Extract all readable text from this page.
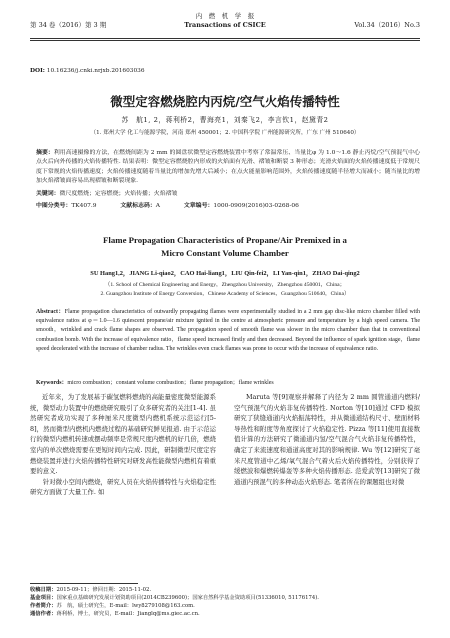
第 34 卷（2016）第 3 期
内　燃　机　学　报
Transactions of CSICE	Vol.34（2016）No.3
DOI: 10.16236/j.cnki.nrjxb.201603036
微型定容燃烧腔内丙烷/空气火焰传播特性
苏　航1, 2，蒋利桥2，曹海亮1，刘秦飞2，李言钦1，赵黛青2
（1. 郑州大学 化工与能源学院，河南 郑州 450001；2. 中国科学院 广州能源研究所，广东 广州 510640）
摘要：利用高速摄像的方法，在燃烧间距为 2 mm 的圆盘状微型定容燃烧装置中考察了常温常压、当量比φ 为 1.0～1.6 静止丙烷/空气预混气中心点火后向外传播的火焰传播特性. 结果表明：微型定容燃烧腔内形成的火焰面有光滑、褶皱和断裂 3 种形态；光滑火焰面的火焰传播速度低于常规尺度下常规的火焰传播速度；火焰传播速度随着当量比的增加先增大后减小；在点火能量影响范围外，火焰传播速度随半径增大而减小；随当量比的增加火焰褶皱面容易出现褶皱和断裂现象.
关键词：微尺度燃烧；定容燃烧；火焰传播；火焰褶皱
中图分类号：TK407.9	文献标志码：A	文章编号：1000-0909(2016)03-0268-06
Flame Propagation Characteristics of Propane/Air Premixed in a
Micro Constant Volume Chamber
SU Hang1,2，JIANG Li-qiao2，CAO Hai-liang1，LIU Qin-fei2，LI Yan-qin1，ZHAO Dai-qing2
（1. School of Chemical Engineering and Energy，Zhengzhou University，Zhengzhou 450001，China；
2. Guangzhou Institute of Energy Conversion，Chinese Academy of Sciences，Guangzhou 510640，China）
Abstract：Flame propagation characteristics of outwardly propagating flames were experimentally studied in a 2 mm gap disc-like micro chamber filled with equivalence ratios at φ＝1.0—1.6 quiescent propane/air mixture ignited in the centre at atmospheric pressure and temperature by a high speed camera. The smooth，wrinkled and crack flame shapes are observed. The propagation speed of smooth flame was slower in the micro chamber than that in conventional combustion bomb. With the increase of equivalence ratio，flame speed increased firstly and then decreased. Beyond the influence of spark ignition stage，flame speed decelerated with the increase of chamber radius. The wrinkles even crack flames was prone to occur with the increase of equivalence ratio.
Keywords：micro combustion；constant volume combustion；flame propagation；flame wrinkles

近年来，为了发展基于碳氢燃料燃烧的高能量密度微型能源系统，微型动力装置中的燃烧研究吸引了众多研究者的关注[1-4]. 虽然研究者成功实现了多种厘米尺度微型内燃机系统示范运行[5-8]，然而微型内燃机内燃烧过程的基础研究鲜见报道. 由于示范运行的微型内燃机转速或摆动频率是常规尺度内燃机的好几倍，燃烧室内的单次燃烧需要在更短时间内完成. 因此，研制微型尺度定容燃烧装置并进行火焰传播特性研究对研发高性能微型内燃机有着重要的意义.
　　针对微小空间内燃烧，研究人员在火焰传播特性与火焰稳定性研究方面做了大量工作. 如

Maruta 等[9]观察并解释了内径为 2 mm 圆管通道内燃料/空气预混气的火焰非复传播特性. Norton 等[10]通过 CFD 模拟研究了狭缝通道内火焰振荡特性，并从微通道结构尺寸、壁面材料导热性和附度等角度探讨了火焰稳定性. Pizza 等[11]使用直接数值计算的方法研究了微通道内氢/空气混合气火焰非复传播特性，确定了来流速度和通道高度对其的影响规律. Wu 等[12]研究了毫米尺度管道中乙烯/氧气混合气着火后火焰传播特性，分别获得了缓燃波和爆燃转爆轰等多种火焰传播形态. 范爱武等[13]研究了微通道内预混气的多种动态火焰形态. 笔者所在的课题组也对微

收稿日期：2015-09-11；修回日期：2015-11-02.
基金项目：国家重点基础研究发展计划资助项目(2014CB239600)；国家自然科学基金资助项目(51336010, 51176174).
作者简介：苏　航，硕士研究生，E-mail：lwy8279108@163.com.
通信作者：蒋利桥，博士，研究员，E-mail：Jianglq@ms.giec.ac.cn.
